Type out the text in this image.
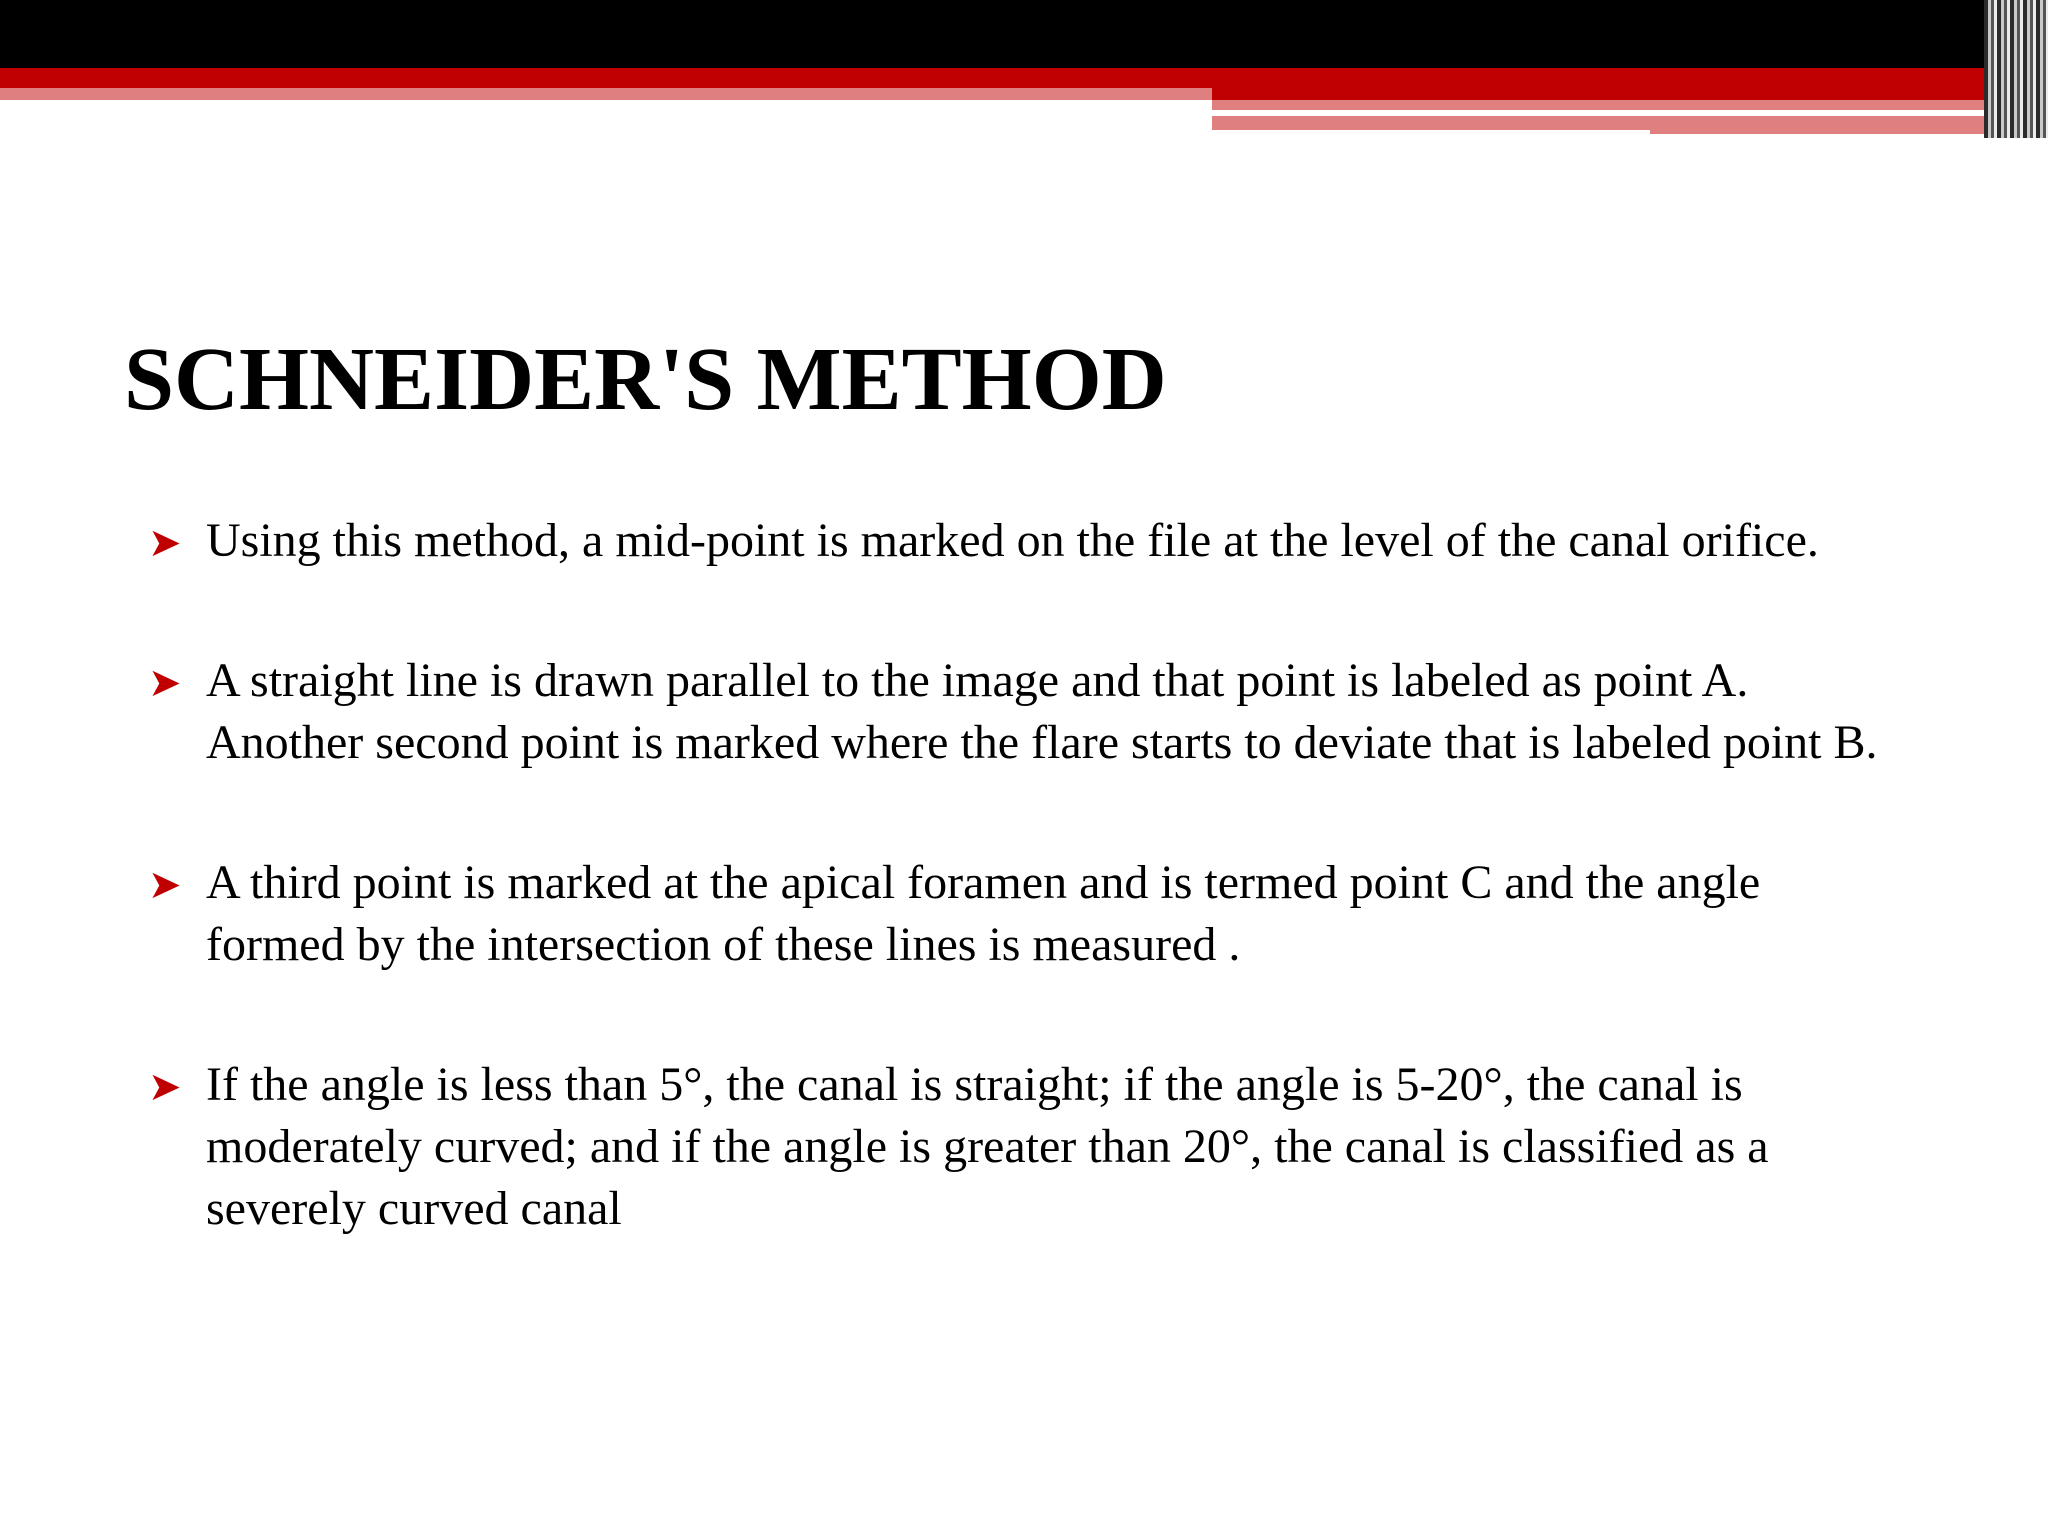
SCHNEIDER'S METHOD
➤ Using this method, a mid-point is marked on the file at the level of the canal orifice.
➤ A straight line is drawn parallel to the image and that point is labeled as point A. Another second point is marked where the flare starts to deviate that is labeled point B.
➤ A third point is marked at the apical foramen and is termed point C and the angle formed by the intersection of these lines is measured .
➤ If the angle is less than 5°, the canal is straight; if the angle is 5-20°, the canal is moderately curved; and if the angle is greater than 20°, the canal is classified as a severely curved canal
